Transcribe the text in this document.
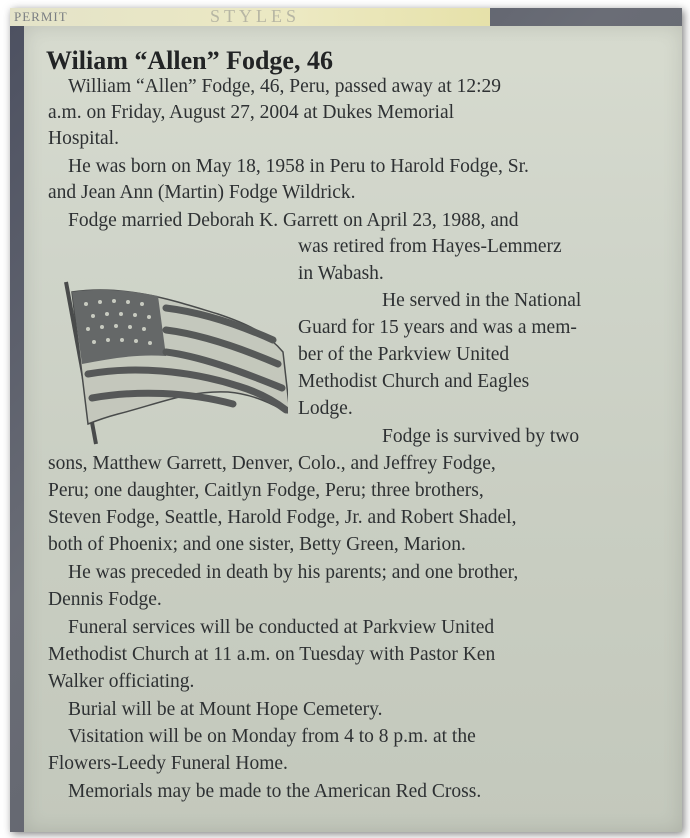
PERMIT	STYLES
Wiliam “Allen” Fodge, 46
William “Allen” Fodge, 46, Peru, passed away at 12:29
a.m. on Friday, August 27, 2004 at Dukes Memorial
Hospital.
He was born on May 18, 1958 in Peru to Harold Fodge, Sr.
and Jean Ann (Martin) Fodge Wildrick.
Fodge married Deborah K. Garrett on April 23, 1988, and
was retired from Hayes-Lemmerz
in Wabash.
He served in the National
Guard for 15 years and was a mem-
ber of the Parkview United
Methodist Church and Eagles
Lodge.
Fodge is survived by two
sons, Matthew Garrett, Denver, Colo., and Jeffrey Fodge,
Peru; one daughter, Caitlyn Fodge, Peru; three brothers,
Steven Fodge, Seattle, Harold Fodge, Jr. and Robert Shadel,
both of Phoenix; and one sister, Betty Green, Marion.
He was preceded in death by his parents; and one brother,
Dennis Fodge.
Funeral services will be conducted at Parkview United
Methodist Church at 11 a.m. on Tuesday with Pastor Ken
Walker officiating.
Burial will be at Mount Hope Cemetery.
Visitation will be on Monday from 4 to 8 p.m. at the
Flowers-Leedy Funeral Home.
Memorials may be made to the American Red Cross.
